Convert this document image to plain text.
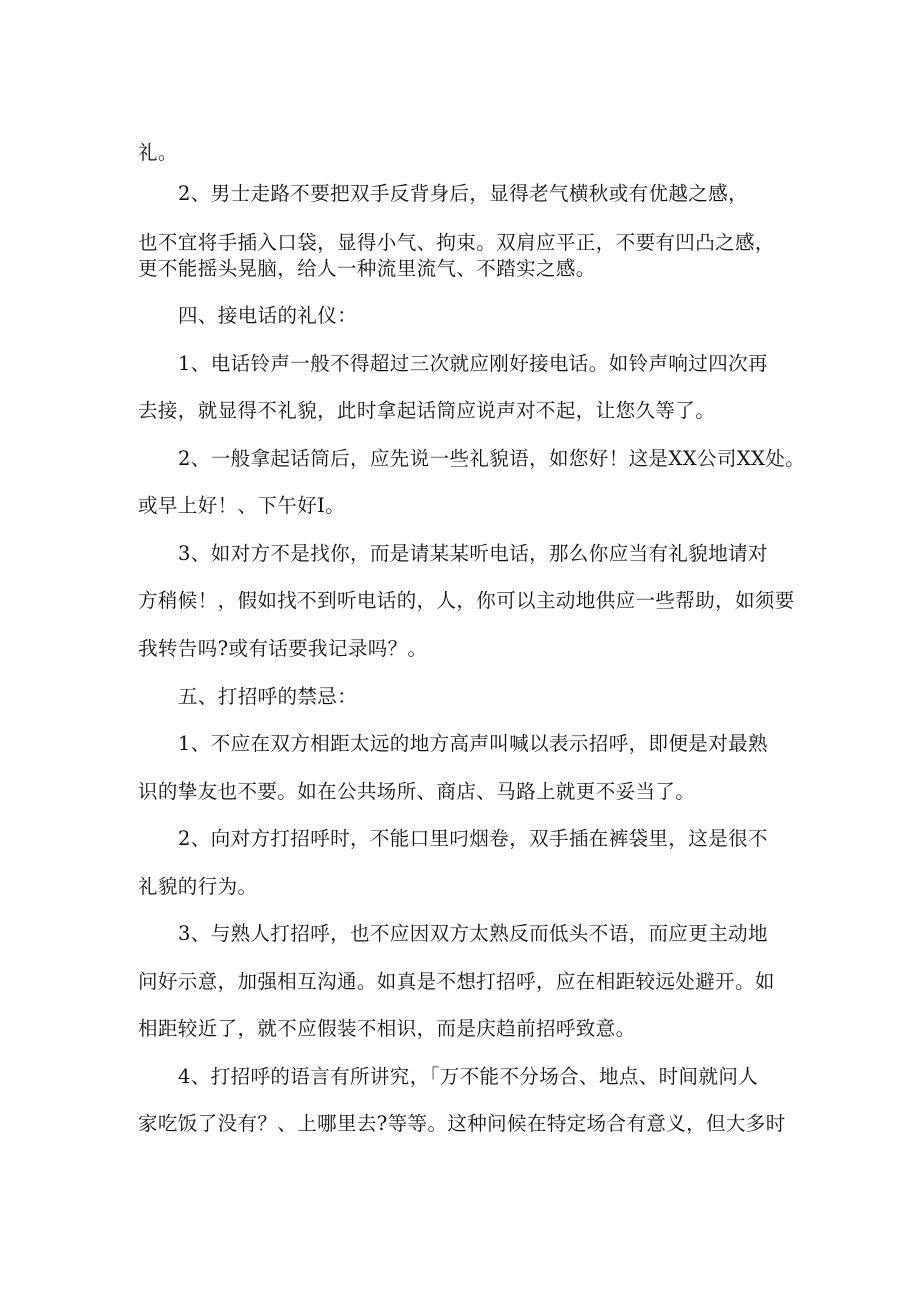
礼。
2、男士走路不要把双手反背身后，显得老气横秋或有优越之感，
也不宜将手插入口袋，显得小气、拘束。双肩应平正，不要有凹凸之感，
更不能摇头晃脑，给人一种流里流气、不踏实之感。
四、接电话的礼仪：
1、电话铃声一般不得超过三次就应刚好接电话。如铃声响过四次再
去接，就显得不礼貌，此时拿起话筒应说声对不起，让您久等了。
2、一般拿起话筒后，应先说一些礼貌语，如您好！这是XX公司XX处。
或早上好！、下午好I。
3、如对方不是找你，而是请某某听电话，那么你应当有礼貌地请对
方稍候！，假如找不到听电话的，人，你可以主动地供应一些帮助，如须要
我转告吗?或有话要我记录吗？。
五、打招呼的禁忌：
1、不应在双方相距太远的地方高声叫喊以表示招呼，即便是对最熟
识的挚友也不要。如在公共场所、商店、马路上就更不妥当了。
2、向对方打招呼时，不能口里叼烟卷，双手插在裤袋里，这是很不
礼貌的行为。
3、与熟人打招呼，也不应因双方太熟反而低头不语，而应更主动地
问好示意，加强相互沟通。如真是不想打招呼，应在相距较远处避开。如
相距较近了，就不应假装不相识，而是庆趋前招呼致意。
4、打招呼的语言有所讲究，「万不能不分场合、地点、时间就问人
家吃饭了没有？、上哪里去?等等。这种问候在特定场合有意义，但大多时
